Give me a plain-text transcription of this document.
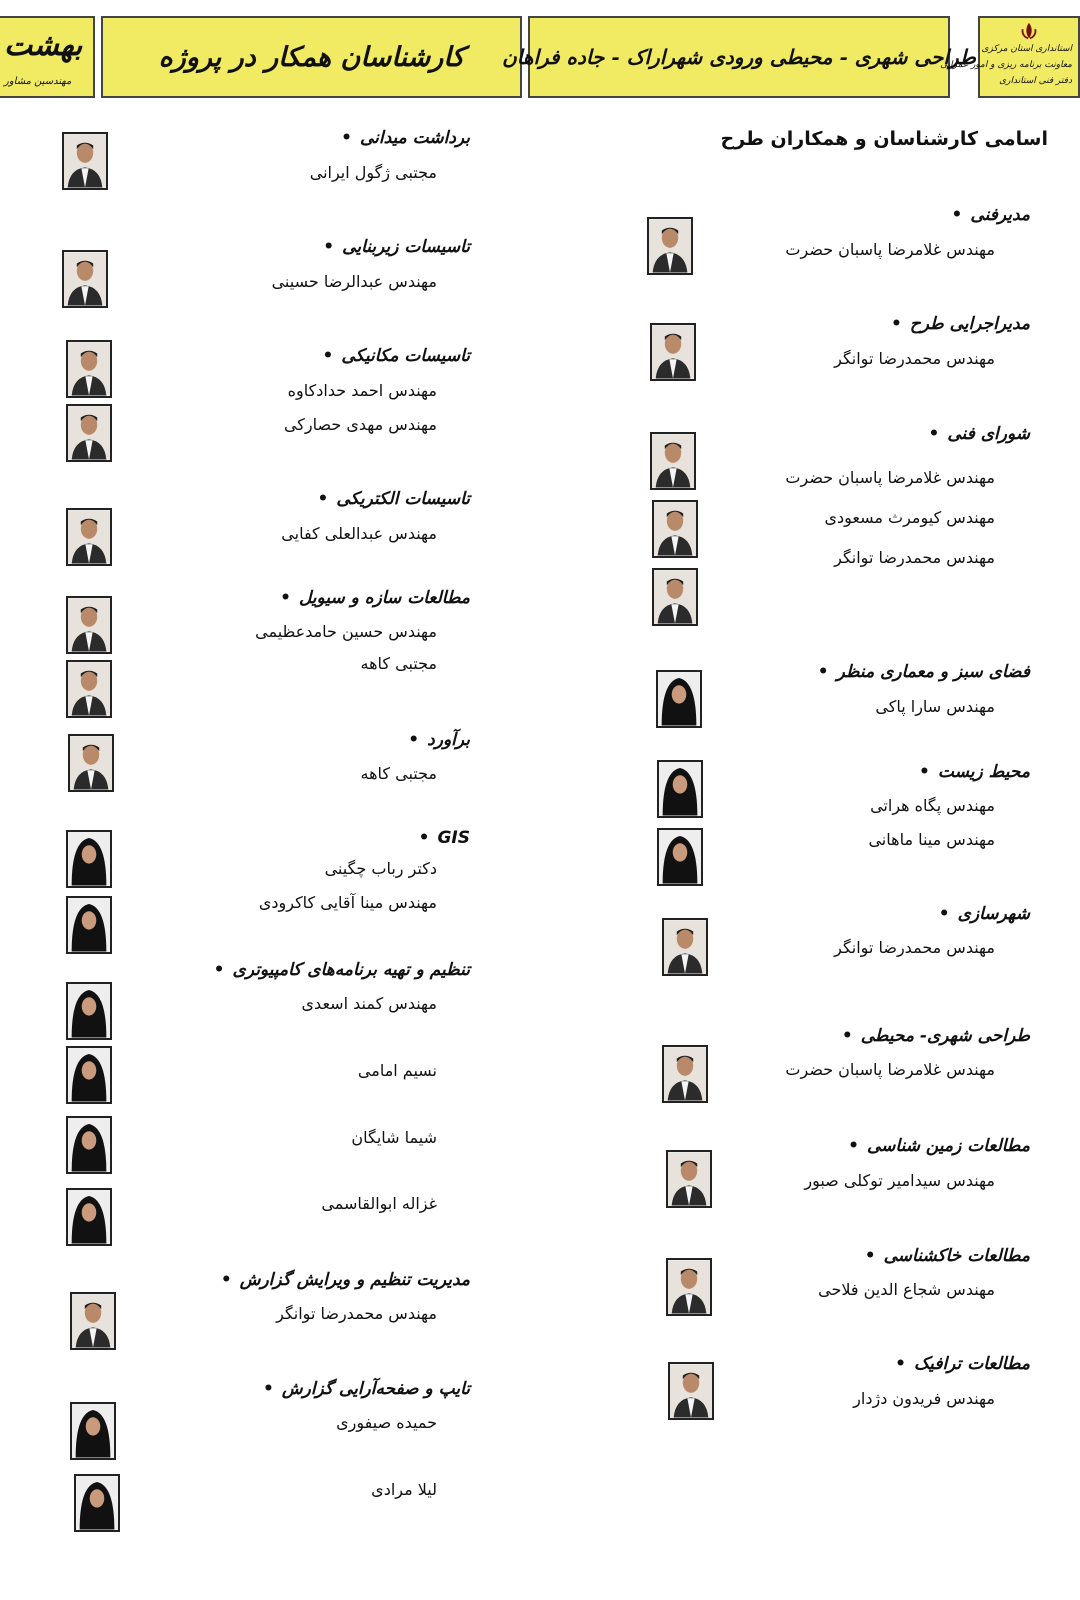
بهشت
مهندسین مشاور
کارشناسان همکار در پروژه طراحی شهری - محیطی ورودی شهراراک - جاده فراهان استانداری استان مرکزی
معاونت برنامه ریزی و امور عمرانی
دفتر فنی استانداری
اسامی کارشناسان و همکاران طرح
مدیرفنی •
مهندس غلامرضا پاسبان حضرت
مدیراجرایی طرح •
مهندس محمدرضا توانگر
شورای فنی •
مهندس غلامرضا پاسبان حضرت
مهندس کیومرث مسعودی
مهندس محمدرضا توانگر
فضای سبز و معماری منظر •
مهندس سارا پاکی
محیط زیست •
مهندس پگاه هراتی
مهندس مینا ماهانی
شهرسازی •
مهندس محمدرضا توانگر
طراحی شهری- محیطی •
مهندس غلامرضا پاسبان حضرت
مطالعات زمین شناسی •
مهندس سیدامیر توکلی صبور
مطالعات خاکشناسی •
مهندس شجاع الدین فلاحی
مطالعات ترافیک •
مهندس فریدون دژدار
برداشت میدانی •
مجتبی ژگول ایرانی
تاسیسات زیربنایی •
مهندس عبدالرضا حسینی
تاسیسات مکانیکی •
مهندس احمد حدادکاوه
مهندس مهدی حصارکی
تاسیسات الکتریکی •
مهندس عبدالعلی کفایی
مطالعات سازه و سیویل •
مهندس حسین حامدعظیمی
مجتبی کاهه
برآورد •
مجتبی کاهه
GIS •
دکتر رباب چگینی
مهندس مینا آقایی کاکرودی
تنظیم و تهیه برنامه‌های کامپیوتری •
مهندس کمند اسعدی
نسیم امامی
شیما شایگان
غزاله ابوالقاسمی
مدیریت تنظیم و ویرایش گزارش •
مهندس محمدرضا توانگر
تایپ و صفحه‌آرایی گزارش •
حمیده صیفوری
لیلا مرادی
